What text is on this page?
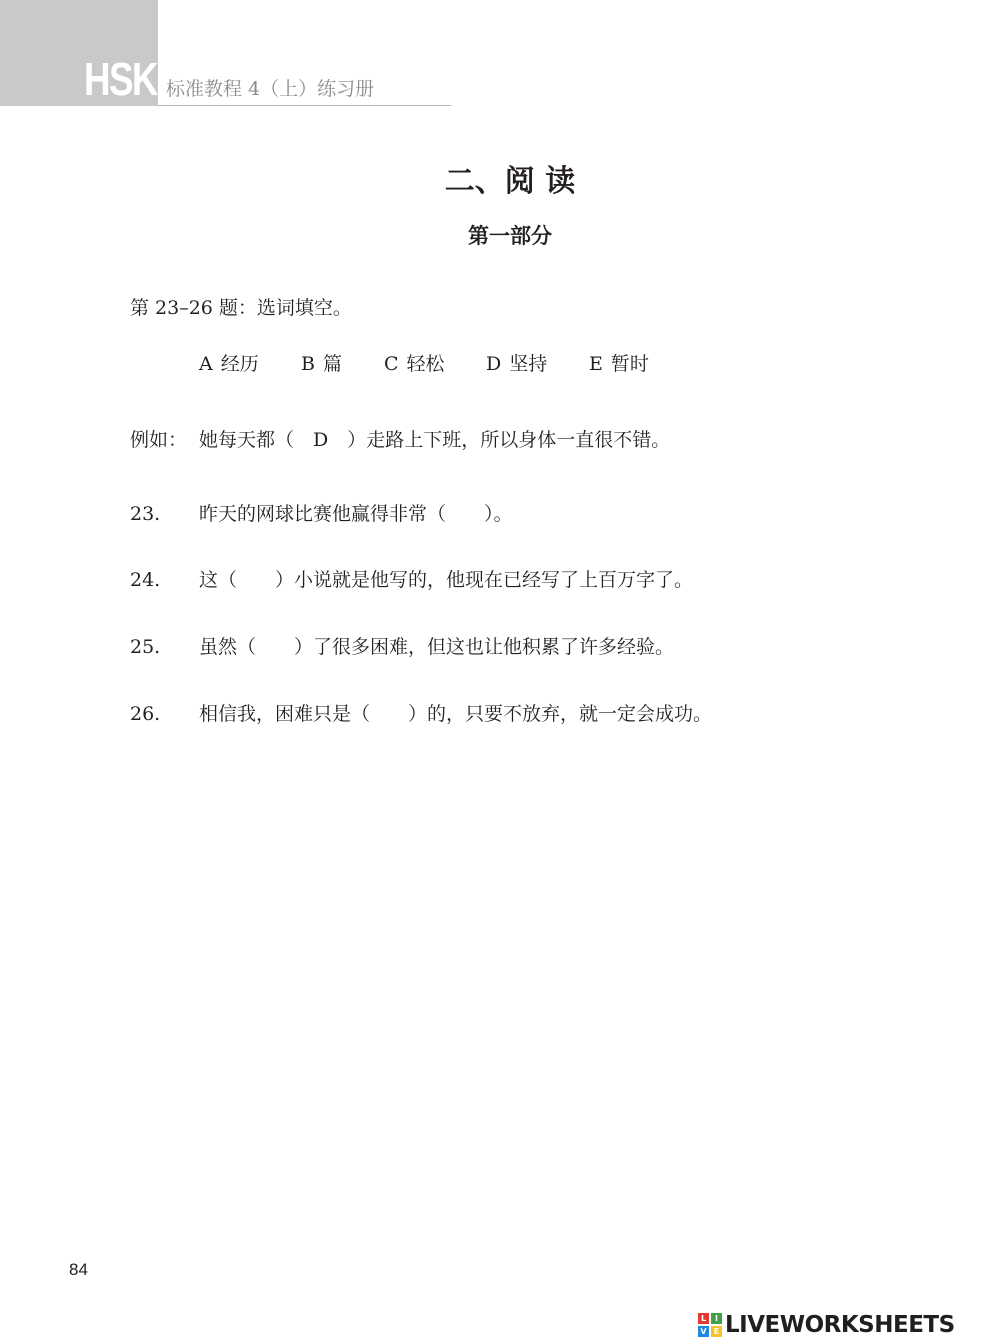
HSK 标准教程 4（上）练习册
二、阅 读
第一部分
第 23–26 题：选词填空。
A 经历 B 篇 C 轻松 D 坚持 E 暂时
例如： 她每天都（　D　）走路上下班，所以身体一直很不错。
23. 昨天的网球比赛他赢得非常（　　）。
24. 这（　　）小说就是他写的，他现在已经写了上百万字了。
25. 虽然（　　）了很多困难，但这也让他积累了许多经验。
26. 相信我，困难只是（　　）的，只要不放弃，就一定会成功。
84
L	I
V E LIVEWORKSHEETS
